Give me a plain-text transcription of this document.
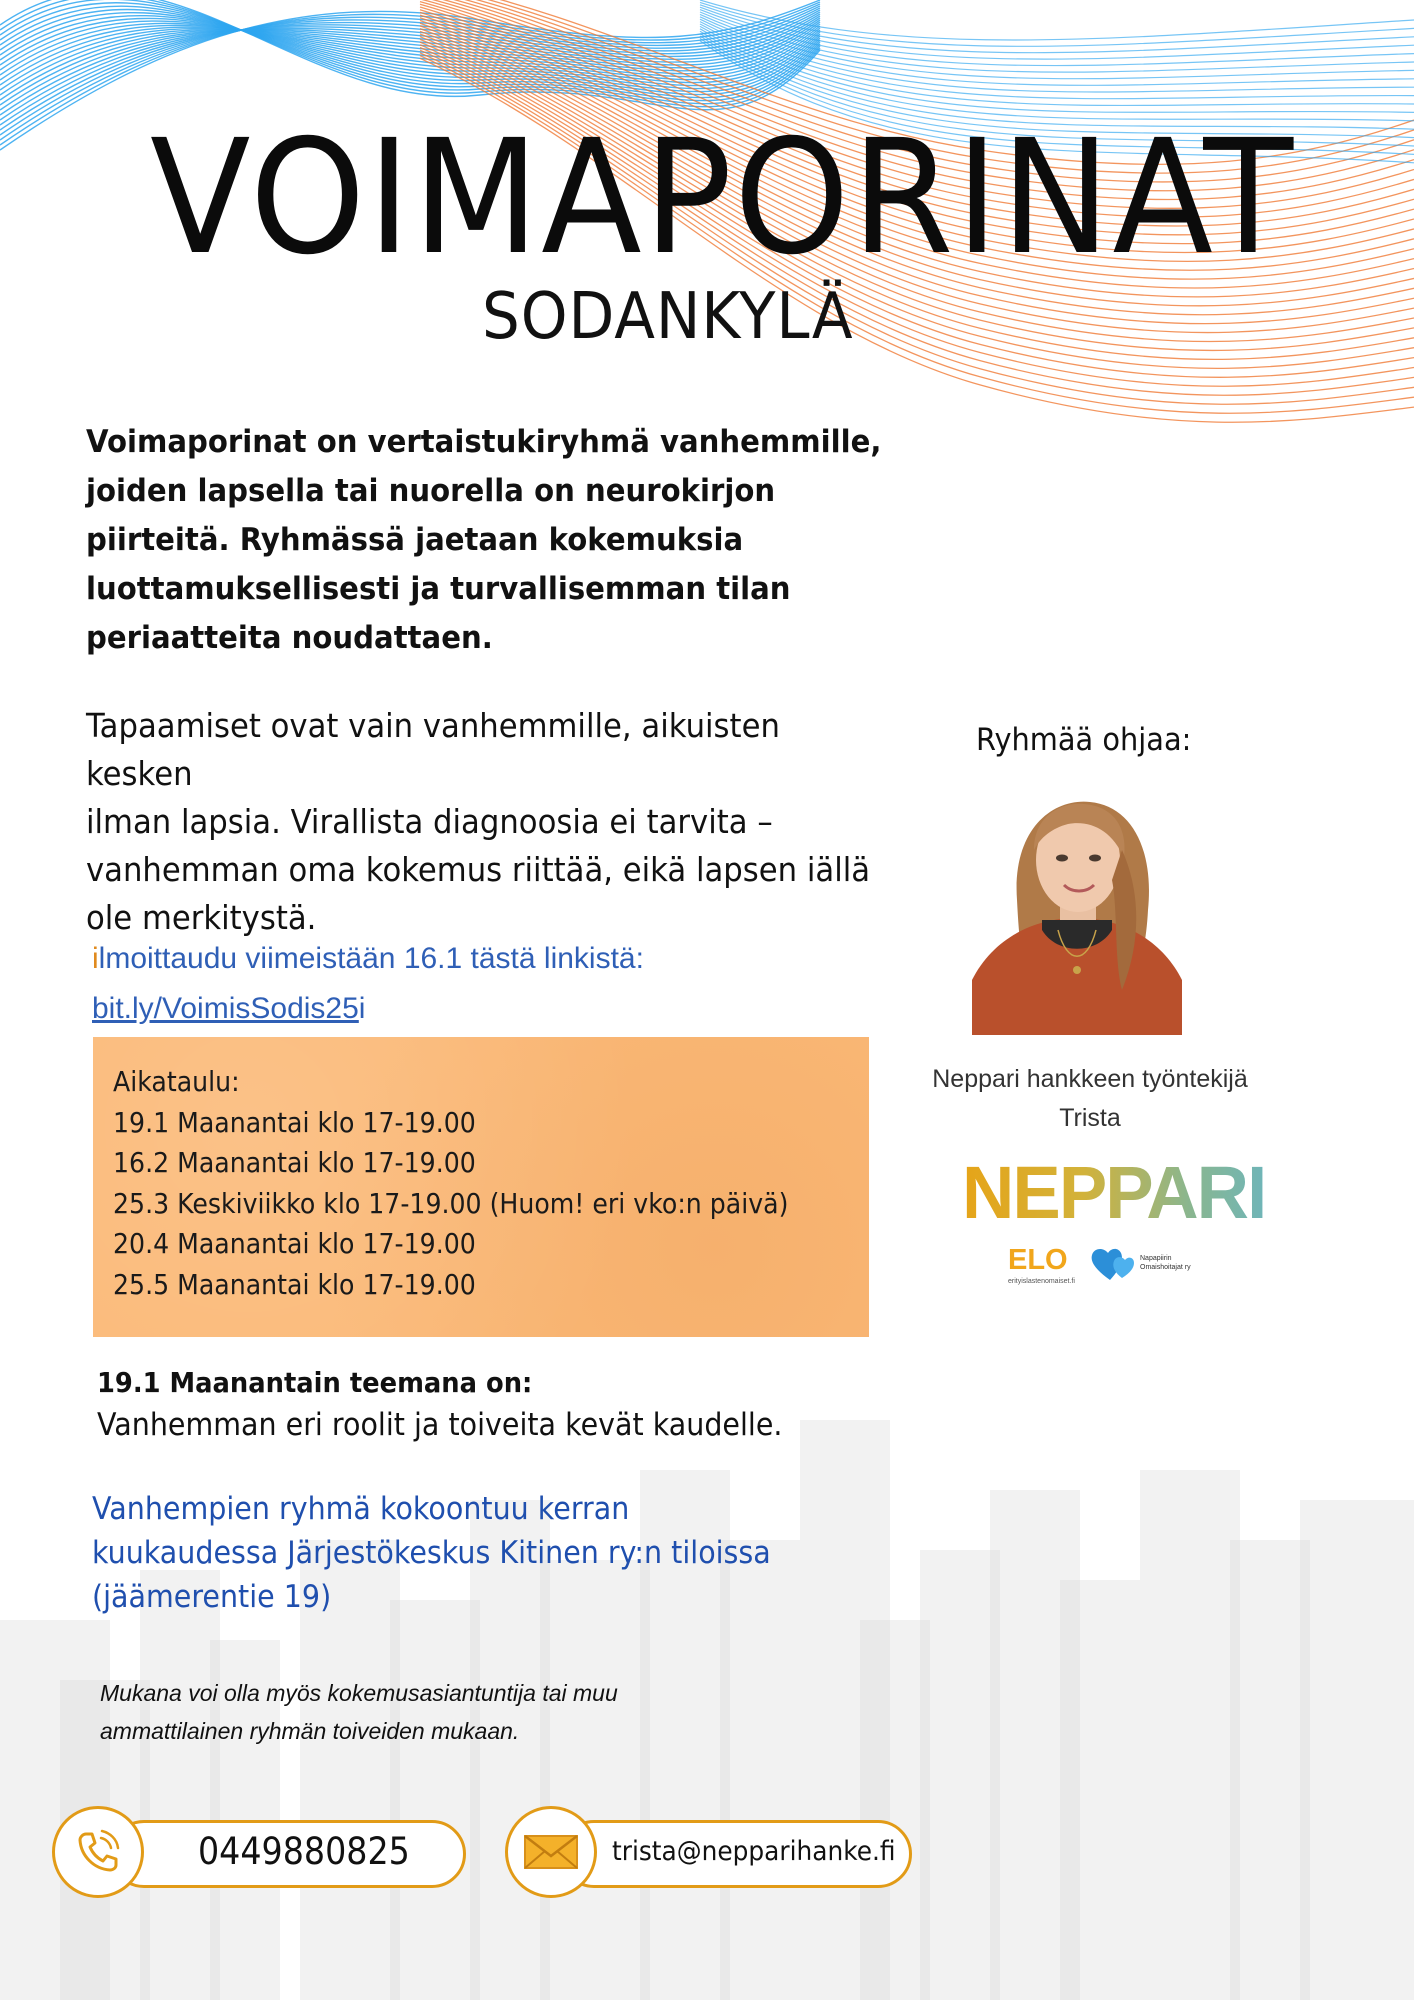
VOIMAPORINAT
SODANKYLÄ
Voimaporinat on vertaistukiryhmä vanhemmille,
joiden lapsella tai nuorella on neurokirjon
piirteitä. Ryhmässä jaetaan kokemuksia
luottamuksellisesti ja turvallisemman tilan
periaatteita noudattaen.
Tapaamiset ovat vain vanhemmille, aikuisten kesken
ilman lapsia. Virallista diagnoosia ei tarvita –
vanhemman oma kokemus riittää, eikä lapsen iällä
ole merkitystä.
ilmoittaudu viimeistään 16.1 tästä linkistä:
bit.ly/VoimisSodis25i
Aikataulu:
19.1 Maanantai klo 17-19.00
16.2 Maanantai klo 17-19.00
25.3 Keskiviikko klo 17-19.00 (Huom! eri vko:n päivä)
20.4 Maanantai klo 17-19.00
25.5 Maanantai klo 17-19.00
19.1 Maanantain teemana on:
Vanhemman eri roolit ja toiveita kevät kaudelle.
Vanhempien ryhmä kokoontuu kerran
kuukaudessa Järjestökeskus Kitinen ry:n tiloissa
(jäämerentie 19)
Mukana voi olla myös kokemusasiantuntija tai muu
ammattilainen ryhmän toiveiden mukaan.
Ryhmää ohjaa:
Neppari hankkeen työntekijä
Trista
NEPPARI
ELO
erityislastenomaiset.fi
Napapiirin
Omaishoitajat ry
0449880825	trista@nepparihanke.fi
